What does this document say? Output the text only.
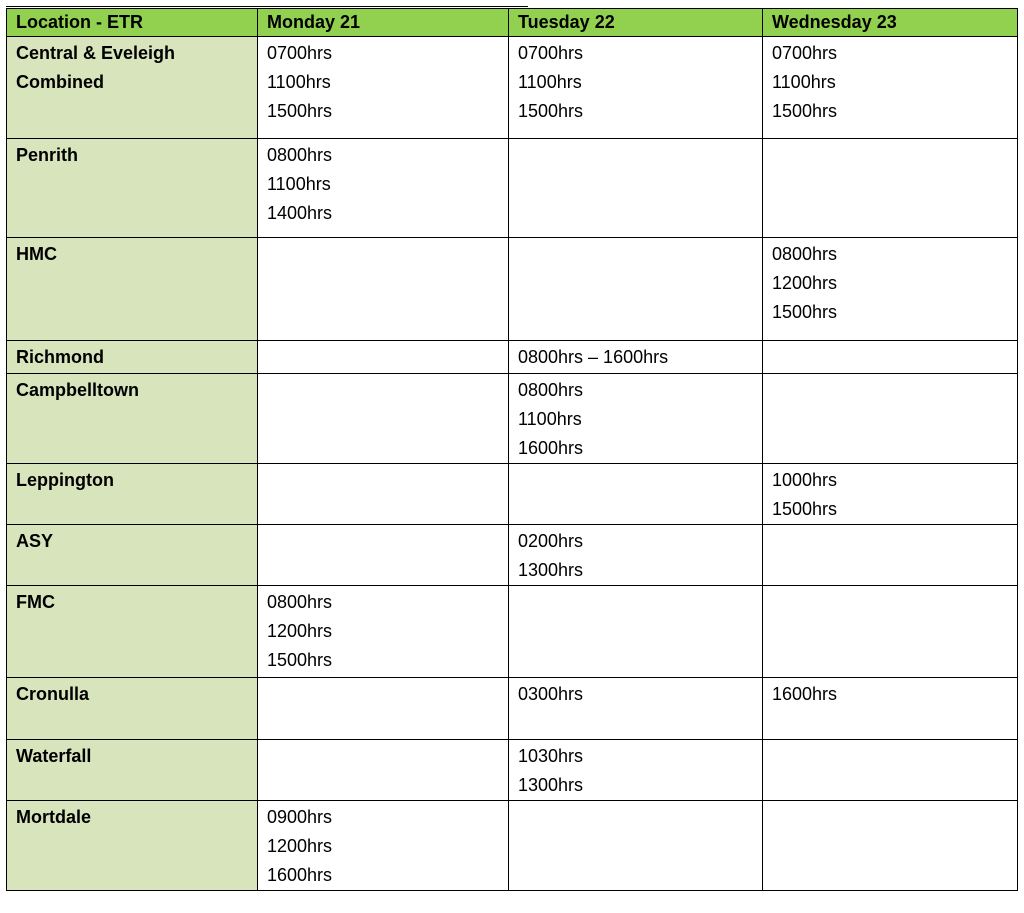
Location - ETR	Monday 21	Tuesday 22	Wednesday 23

Central & Eveleigh
Combined	0700hrs
1100hrs
1500hrs	0700hrs
1100hrs
1500hrs	0700hrs
1100hrs
1500hrs

Penrith	0800hrs
1100hrs
1400hrs		

HMC			0800hrs
1200hrs
1500hrs

Richmond		0800hrs – 1600hrs	

Campbelltown		0800hrs
1100hrs
1600hrs	

Leppington			1000hrs
1500hrs

ASY		0200hrs
1300hrs	

FMC	0800hrs
1200hrs
1500hrs		

Cronulla		0300hrs	1600hrs

Waterfall		1030hrs
1300hrs	

Mortdale	0900hrs
1200hrs
1600hrs		
